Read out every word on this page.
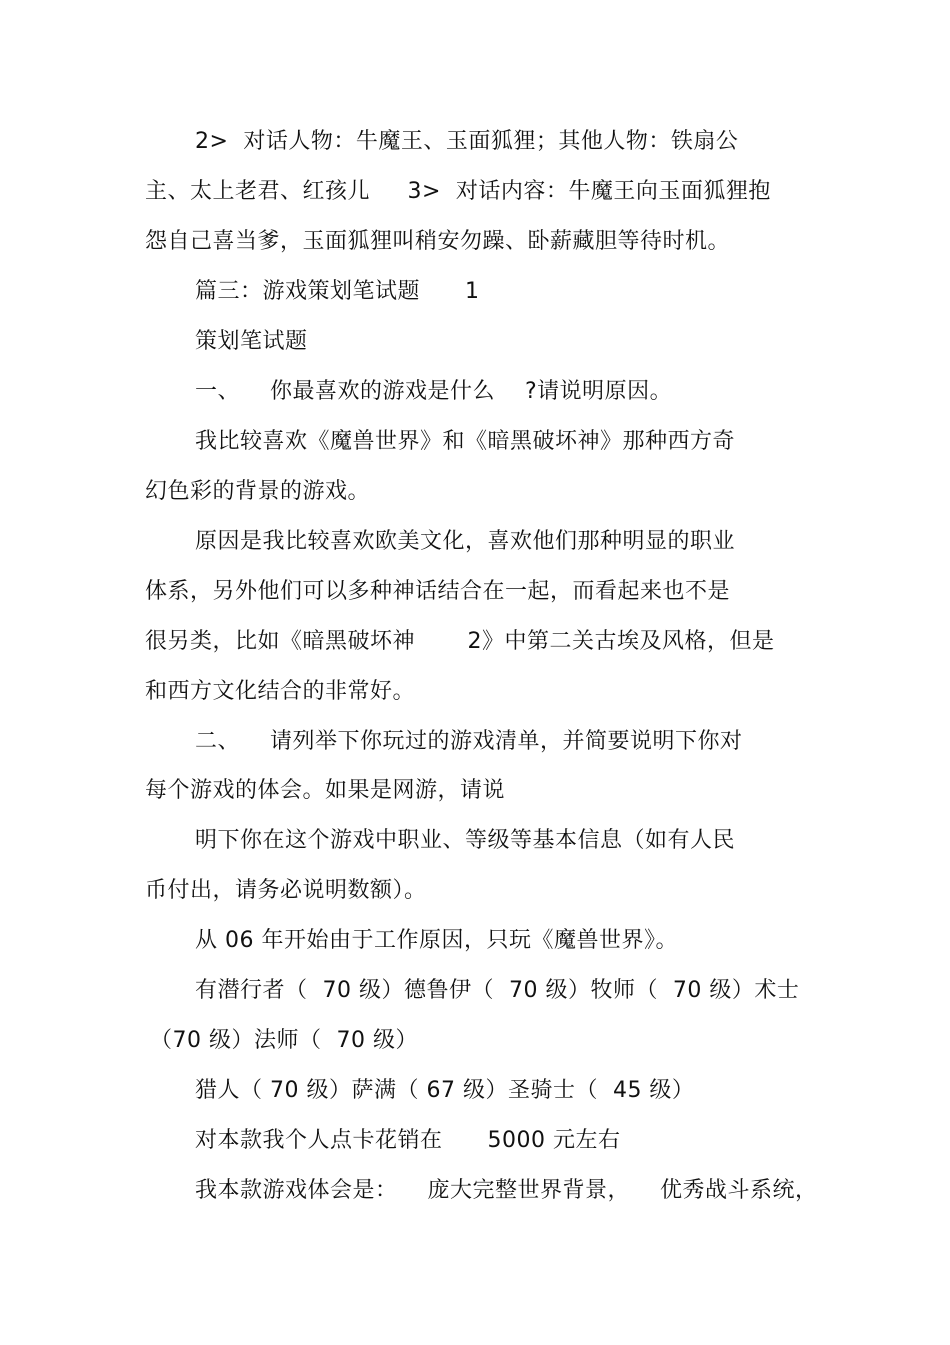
2>  对话人物：牛魔王、玉面狐狸；其他人物：铁扇公
主、太上老君、红孩儿     3>  对话内容：牛魔王向玉面狐狸抱
怨自己喜当爹，玉面狐狸叫稍安勿躁、卧薪藏胆等待时机。
篇三：游戏策划笔试题      1
策划笔试题
一、    你最喜欢的游戏是什么    ?请说明原因。
我比较喜欢《魔兽世界》和《暗黑破坏神》那种西方奇
幻色彩的背景的游戏。
原因是我比较喜欢欧美文化，喜欢他们那种明显的职业
体系，另外他们可以多种神话结合在一起，而看起来也不是
很另类，比如《暗黑破坏神       2》中第二关古埃及风格，但是
和西方文化结合的非常好。
二、    请列举下你玩过的游戏清单，并简要说明下你对
每个游戏的体会。如果是网游，请说
明下你在这个游戏中职业、等级等基本信息（如有人民
币付出，请务必说明数额）。
从 06 年开始由于工作原因，只玩《魔兽世界》。
有潜行者（  70 级）德鲁伊（  70 级）牧师（  70 级）术士
（70 级）法师（  70 级）
猎人（ 70 级）萨满（ 67 级）圣骑士（  45 级）
对本款我个人点卡花销在      5000 元左右
我本款游戏体会是：    庞大完整世界背景，    优秀战斗系统，
